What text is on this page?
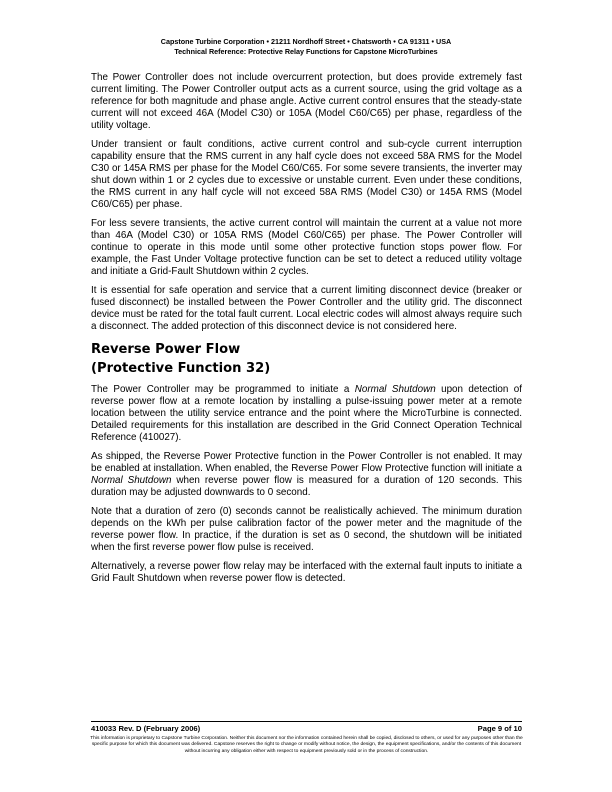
Capstone Turbine Corporation • 21211 Nordhoff Street • Chatsworth • CA 91311 • USA
Technical Reference: Protective Relay Functions for Capstone MicroTurbines

The Power Controller does not include overcurrent protection, but does provide extremely fast current limiting. The Power Controller output acts as a current source, using the grid voltage as a reference for both magnitude and phase angle. Active current control ensures that the steady-state current will not exceed 46A (Model C30) or 105A (Model C60/C65) per phase, regardless of the utility voltage.

Under transient or fault conditions, active current control and sub-cycle current interruption capability ensure that the RMS current in any half cycle does not exceed 58A RMS for the Model C30 or 145A RMS per phase for the Model C60/C65. For some severe transients, the inverter may shut down within 1 or 2 cycles due to excessive or unstable current. Even under these conditions, the RMS current in any half cycle will not exceed 58A RMS (Model C30) or 145A RMS (Model C60/C65) per phase.

For less severe transients, the active current control will maintain the current at a value not more than 46A (Model C30) or 105A RMS (Model C60/C65) per phase. The Power Controller will continue to operate in this mode until some other protective function stops power flow. For example, the Fast Under Voltage protective function can be set to detect a reduced utility voltage and initiate a Grid-Fault Shutdown within 2 cycles.

It is essential for safe operation and service that a current limiting disconnect device (breaker or fused disconnect) be installed between the Power Controller and the utility grid. The disconnect device must be rated for the total fault current. Local electric codes will almost always require such a disconnect. The added protection of this disconnect device is not considered here.

Reverse Power Flow
(Protective Function 32)

The Power Controller may be programmed to initiate a Normal Shutdown upon detection of reverse power flow at a remote location by installing a pulse-issuing power meter at a remote location between the utility service entrance and the point where the MicroTurbine is connected. Detailed requirements for this installation are described in the Grid Connect Operation Technical Reference (410027).

As shipped, the Reverse Power Protective function in the Power Controller is not enabled. It may be enabled at installation. When enabled, the Reverse Power Flow Protective function will initiate a Normal Shutdown when reverse power flow is measured for a duration of 120 seconds. This duration may be adjusted downwards to 0 second.

Note that a duration of zero (0) seconds cannot be realistically achieved. The minimum duration depends on the kWh per pulse calibration factor of the power meter and the magnitude of the reverse power flow. In practice, if the duration is set as 0 second, the shutdown will be initiated when the first reverse power flow pulse is received.

Alternatively, a reverse power flow relay may be interfaced with the external fault inputs to initiate a Grid Fault Shutdown when reverse power flow is detected.

410033 Rev. D (February 2006)	Page 9 of 10
This information is proprietary to Capstone Turbine Corporation. Neither this document nor the information contained herein shall be copied, disclosed to others, or used for any purposes other than the specific purpose for which this document was delivered. Capstone reserves the right to change or modify without notice, the design, the equipment specifications, and/or the contents of this document without incurring any obligation either with respect to equipment previously sold or in the process of construction.
